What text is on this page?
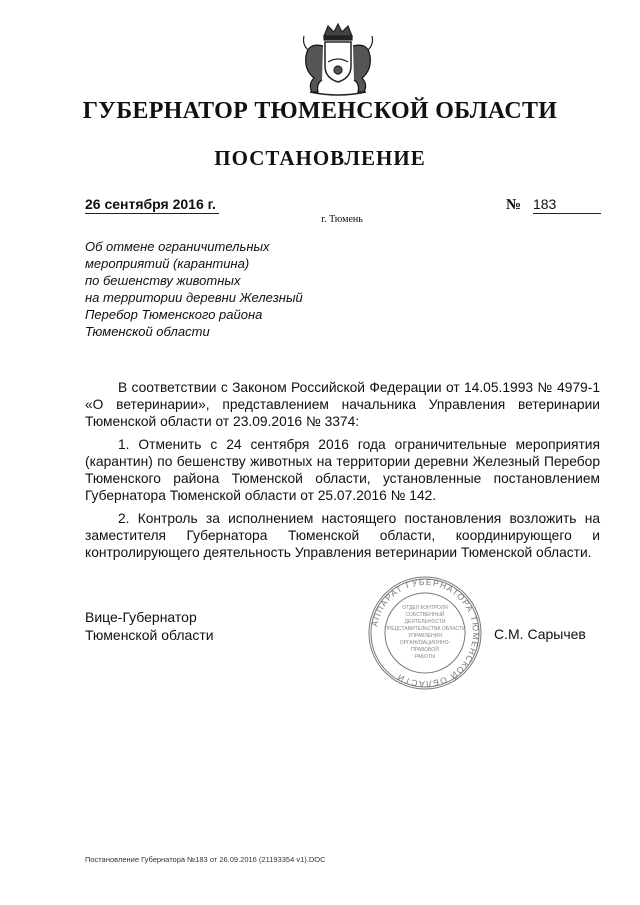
ГУБЕРНАТОР ТЮМЕНСКОЙ ОБЛАСТИ
ПОСТАНОВЛЕНИЕ
26 сентября 2016 г.	№ 183
г. Тюмень
Об отмене ограничительных
мероприятий (карантина)
по бешенству животных
на территории деревни Железный
Перебор Тюменского района
Тюменской области
В соответствии с Законом Российской Федерации от 14.05.1993 № 4979-1 «О ветеринарии», представлением начальника Управления ветеринарии Тюменской области от 23.09.2016 № 3374:
1. Отменить с 24 сентября 2016 года ограничительные мероприятия (карантин) по бешенству животных на территории деревни Железный Перебор Тюменского района Тюменской области, установленные постановлением Губернатора Тюменской области от 25.07.2016 № 142.
2. Контроль за исполнением настоящего постановления возложить на заместителя Губернатора Тюменской области, координирующего и контролирующего деятельность Управления ветеринарии Тюменской области.
Вице-Губернатор
Тюменской области
АППАРАТ ГУБЕРНАТОРА ТЮМЕНСКОЙ ОБЛАСТИ
ОТДЕЛ КОНТРОЛЯ
СОБСТВЕННЫЙ
ДЕЯТЕЛЬНОСТИ
ПРЕДСТАВИТЕЛЬСТВА ОБЛАСТИ
УПРАВЛЕНИЯ
ОРГАНИЗАЦИОННО-
ПРАВОВОЙ
РАБОТЫ
С.М. Сарычев
Постановление Губернатора №183 от 26.09.2016 (21193354 v1).DOC
